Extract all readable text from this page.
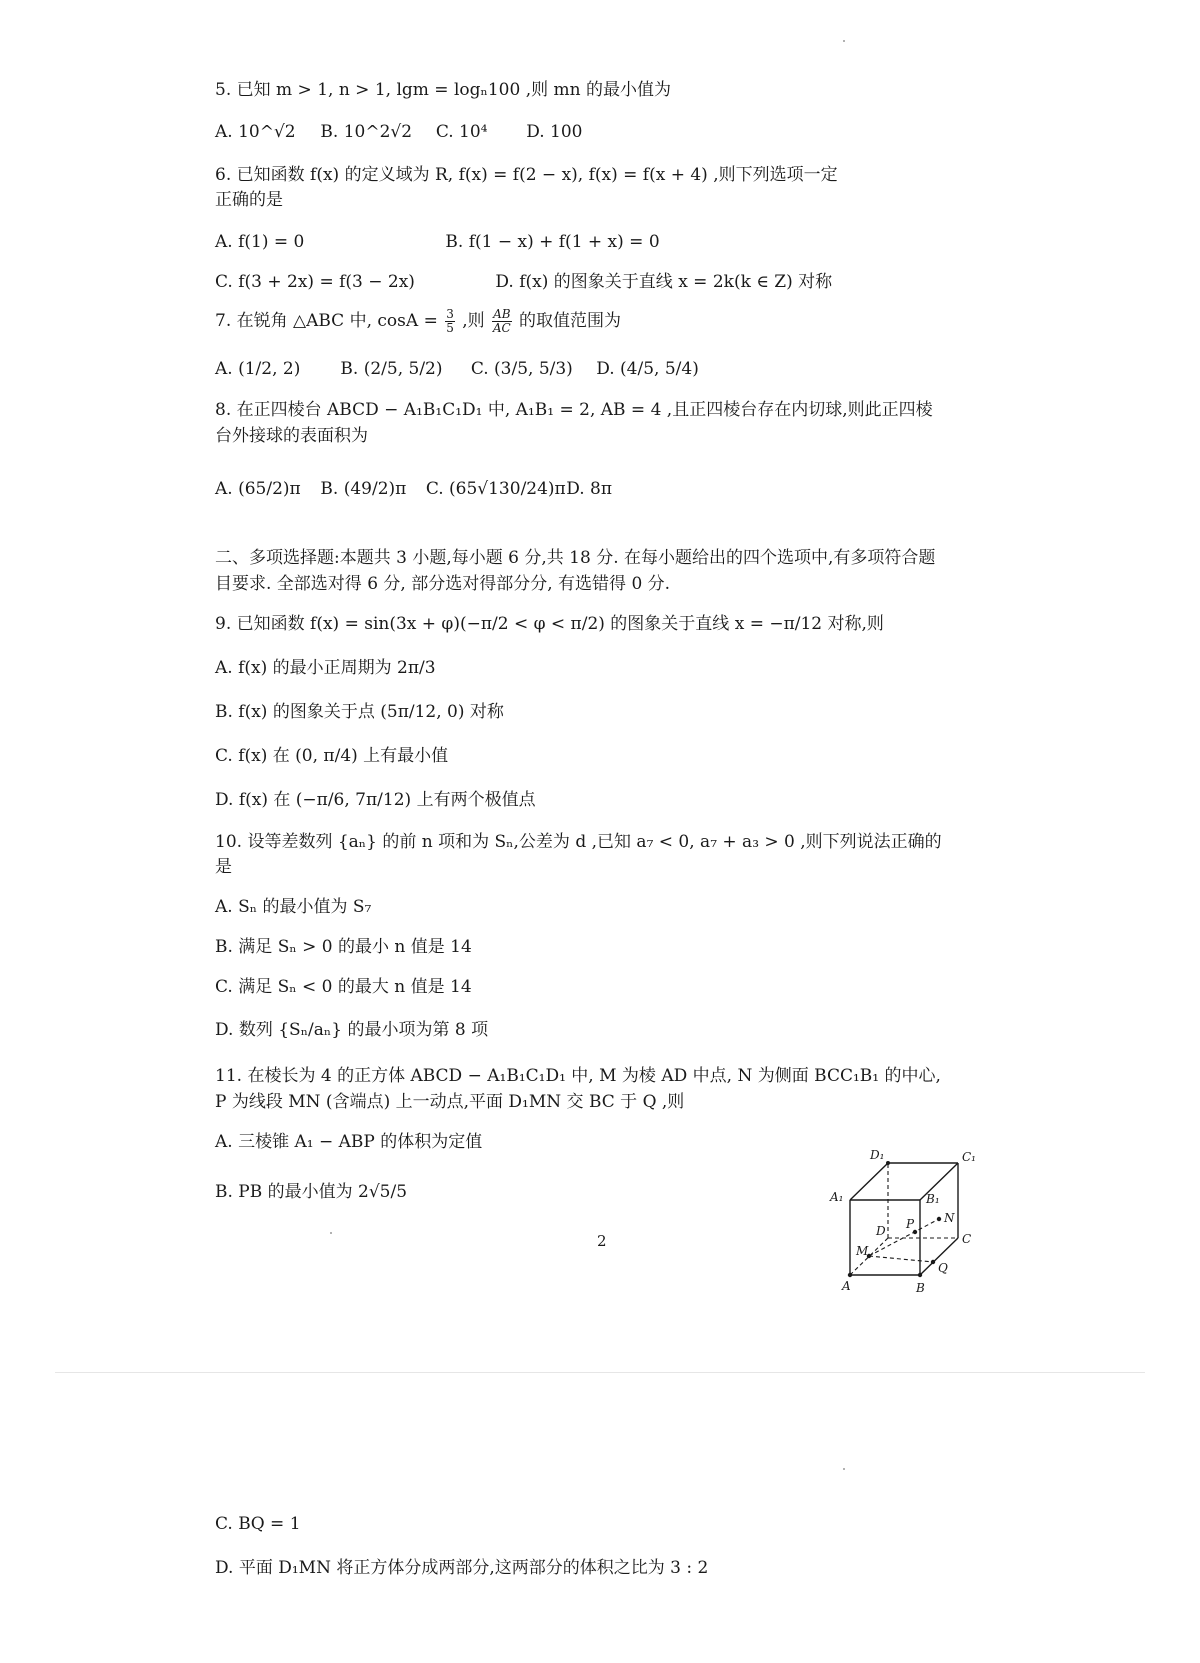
5. 已知 m > 1, n > 1, lgm = logₙ100 ,则 mn 的最小值为
A. 10^√2 B. 10^2√2 C. 10⁴ D. 100
6. 已知函数 f(x) 的定义域为 R, f(x) = f(2 − x), f(x) = f(x + 4) ,则下列选项一定
正确的是
A. f(1) = 0	B. f(1 − x) + f(1 + x) = 0
C. f(3 + 2x) = f(3 − 2x)	D. f(x) 的图象关于直线 x = 2k(k ∈ Z) 对称
7. 在锐角 △ABC 中, $\cos A = \frac{3}{5}$ ,则 $\frac{AB}{AC}$ 的取值范围为
A. (1/2, 2) B. (2/5, 5/2) C. (3/5, 5/3) D. (4/5, 5/4)
8. 在正四棱台 ABCD − A₁B₁C₁D₁ 中, A₁B₁ = 2, AB = 4 ,且正四棱台存在内切球,则此正四棱
台外接球的表面积为
A. (65/2)π B. (49/2)π C. (65√130/24)π D. 8π
二、多项选择题:本题共 3 小题,每小题 6 分,共 18 分. 在每小题给出的四个选项中,有多项符合题
目要求. 全部选对得 6 分, 部分选对得部分分, 有选错得 0 分.
9. 已知函数 f(x) = sin(3x + φ)(−π/2 < φ < π/2) 的图象关于直线 x = −π/12 对称,则
A. f(x) 的最小正周期为 2π/3
B. f(x) 的图象关于点 (5π/12, 0) 对称
C. f(x) 在 (0, π/4) 上有最小值
D. f(x) 在 (−π/6, 7π/12) 上有两个极值点
10. 设等差数列 {aₙ} 的前 n 项和为 Sₙ,公差为 d ,已知 a₇ < 0, a₇ + a₃ > 0 ,则下列说法正确的
是
A. Sₙ 的最小值为 S₇
B. 满足 Sₙ > 0 的最小 n 值是 14
C. 满足 Sₙ < 0 的最大 n 值是 14
D. 数列 {Sₙ/aₙ} 的最小项为第 8 项
11. 在棱长为 4 的正方体 ABCD − A₁B₁C₁D₁ 中, M 为棱 AD 中点, N 为侧面 BCC₁B₁ 的中心,
P 为线段 MN (含端点) 上一动点,平面 D₁MN 交 BC 于 Q ,则
A. 三棱锥 A₁ − ABP 的体积为定值
B. PB 的最小值为 2√5/5
D₁	C₁
A₁	B₁
D P N
C
M
A	B
Q
2
C. BQ = 1
D. 平面 D₁MN 将正方体分成两部分,这两部分的体积之比为 3 : 2
